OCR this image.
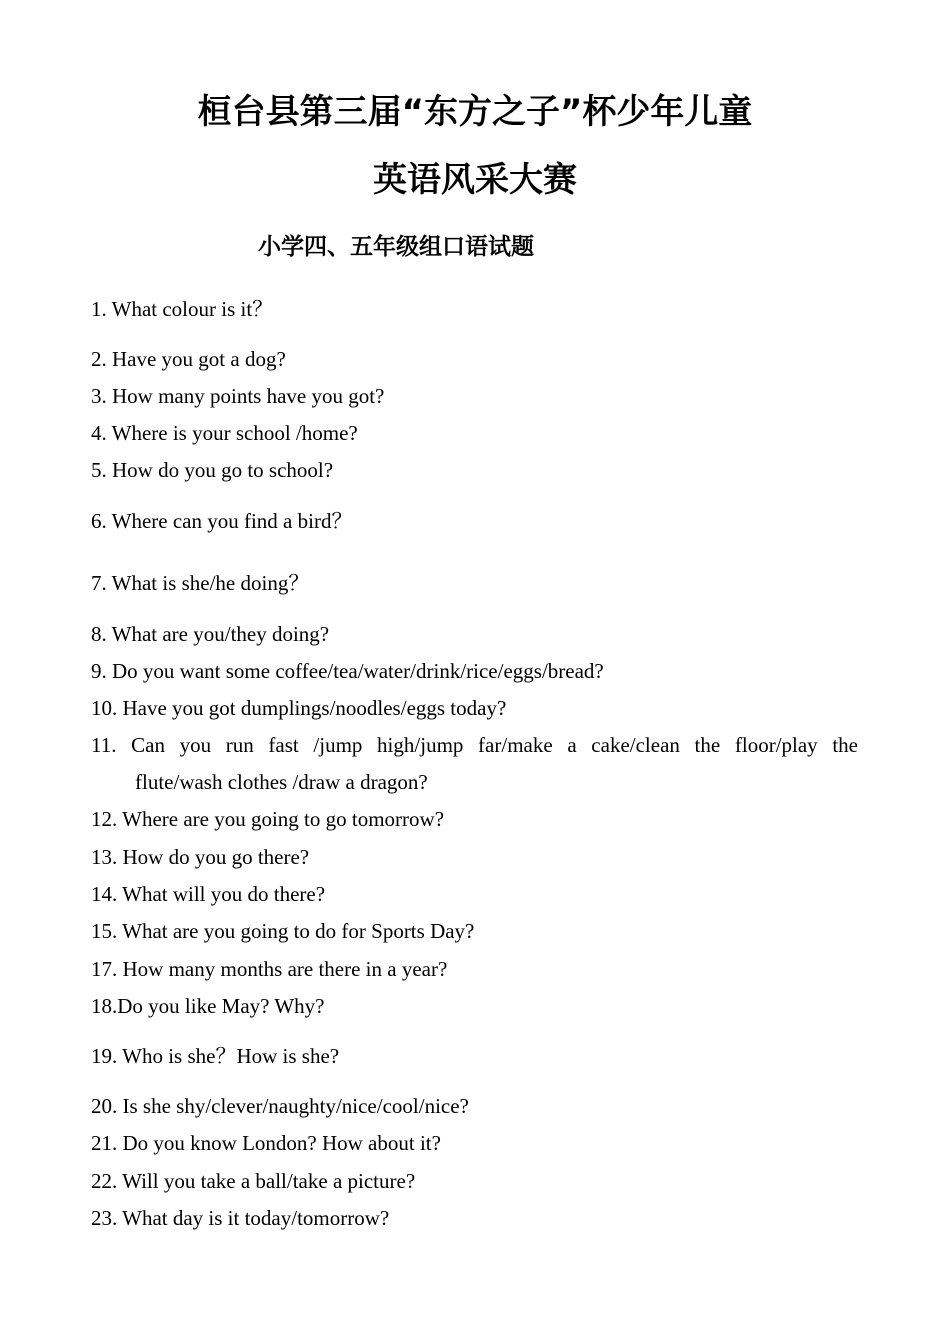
桓台县第三届“东方之子”杯少年儿童
英语风采大赛
小学四、五年级组口语试题
1. What colour is it？
2. Have you got a dog?
3. How many points have you got?
4. Where is your school /home?
5. How do you go to school?
6. Where can you find a bird？
7. What is she/he doing？
8. What are you/they doing?
9. Do you want some coffee/tea/water/drink/rice/eggs/bread?
10. Have you got dumplings/noodles/eggs today?
11. Can you run fast /jump high/jump far/make a cake/clean the floor/play the
flute/wash clothes /draw a dragon?
12. Where are you going to go tomorrow?
13. How do you go there?
14. What will you do there?
15. What are you going to do for Sports Day?
17. How many months are there in a year?
18.Do you like May? Why?
19. Who is she？How is she?
20. Is she shy/clever/naughty/nice/cool/nice?
21. Do you know London? How about it?
22. Will you take a ball/take a picture?
23. What day is it today/tomorrow?
